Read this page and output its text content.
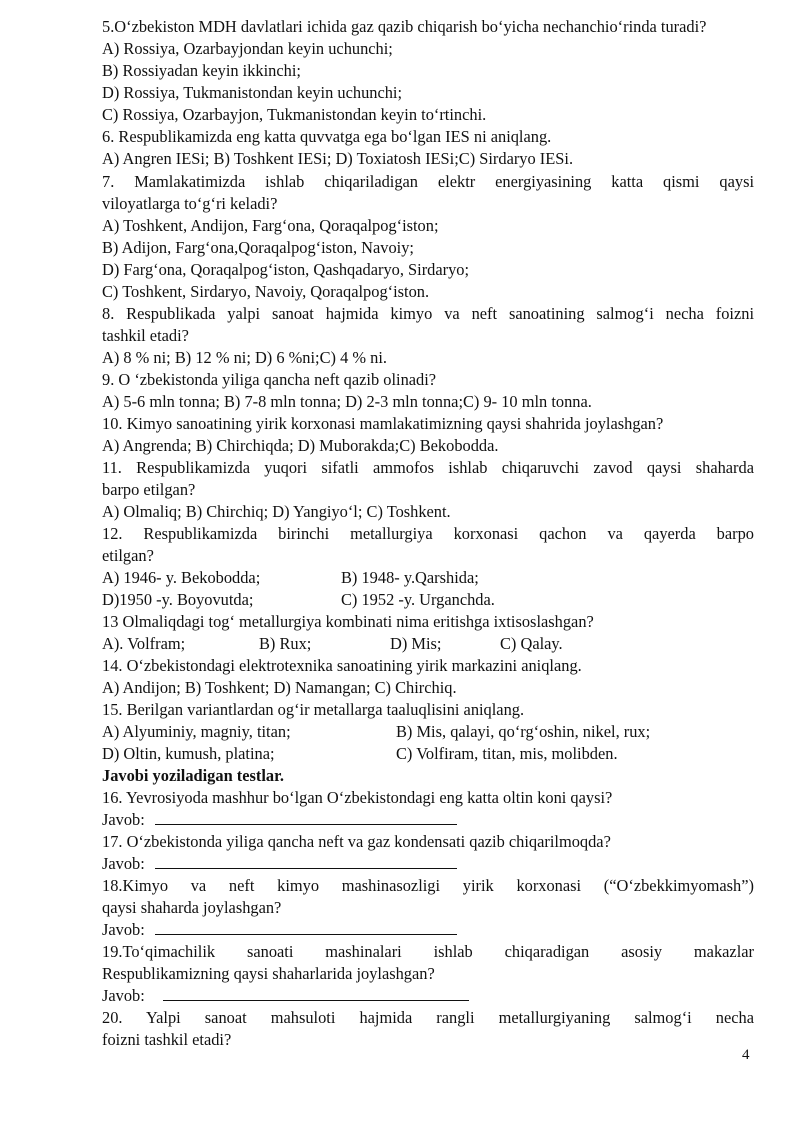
5.O‘zbekiston MDH davlatlari ichida gaz qazib chiqarish bo‘yicha nechanchio‘rinda turadi?
A) Rossiya, Ozarbayjondan keyin uchunchi;
B) Rossiyadan keyin ikkinchi;
D) Rossiya, Tukmanistondan keyin uchunchi;
C) Rossiya, Ozarbayjon, Tukmanistondan keyin to‘rtinchi.
6. Respublikamizda eng katta quvvatga ega bo‘lgan IES ni aniqlang.
A) Angren IESi; B) Toshkent IESi; D) Toxiatosh IESi;C) Sirdaryo IESi.
7. Mamlakatimizda ishlab chiqariladigan elektr energiyasining katta qismi qaysi
viloyatlarga to‘g‘ri keladi?
A) Toshkent, Andijon, Farg‘ona, Qoraqalpog‘iston;
B) Adijon, Farg‘ona,Qoraqalpog‘iston, Navoiy;
D) Farg‘ona, Qoraqalpog‘iston, Qashqadaryo, Sirdaryo;
C) Toshkent, Sirdaryo, Navoiy, Qoraqalpog‘iston.
8. Respublikada yalpi sanoat hajmida kimyo va neft sanoatining salmog‘i necha foizni
tashkil etadi?
A) 8 % ni; B) 12 % ni; D) 6 %ni;C) 4 % ni.
9. O ‘zbekistonda yiliga qancha neft qazib olinadi?
A) 5-6 mln tonna; B) 7-8 mln tonna; D) 2-3 mln tonna;C) 9- 10 mln tonna.
10. Kimyo sanoatining yirik korxonasi mamlakatimizning qaysi shahrida joylashgan?
A) Angrenda; B) Chirchiqda; D) Muborakda;C) Bekobodda.
11. Respublikamizda yuqori sifatli ammofos ishlab chiqaruvchi zavod qaysi shaharda
barpo etilgan?
A) Olmaliq; B) Chirchiq; D) Yangiyo‘l; C) Toshkent.
12. Respublikamizda birinchi metallurgiya korxonasi qachon va qayerda barpo
etilgan?
A) 1946- y. Bekobodda;	B) 1948- y.Qarshida;
D)1950 -y. Boyovutda;	C) 1952 -y. Urganchda.
13 Olmaliqdagi tog‘ metallurgiya kombinati nima eritishga ixtisoslashgan?
A). Volfram;	B) Rux;	D) Mis;	C) Qalay.
14. O‘zbekistondagi elektrotexnika sanoatining yirik markazini aniqlang.
A) Andijon; B) Toshkent; D) Namangan; C) Chirchiq.
15. Berilgan variantlardan og‘ir metallarga taaluqlisini aniqlang.
A) Alyuminiy, magniy, titan;	B) Mis, qalayi, qo‘rg‘oshin, nikel, rux;
D) Oltin, kumush, platina;	C) Volfiram, titan, mis, molibden.
Javobi yoziladigan testlar.
16. Yevrosiyoda mashhur bo‘lgan O‘zbekistondagi eng katta oltin koni qaysi?
Javob:
17. O‘zbekistonda yiliga qancha neft va gaz kondensati qazib chiqarilmoqda?
Javob:
18.Kimyo va neft kimyo mashinasozligi yirik korxonasi (“O‘zbekkimyomash”)
qaysi shaharda joylashgan?
Javob:
19.To‘qimachilik sanoati mashinalari ishlab chiqaradigan asosiy makazlar
Respublikamizning qaysi shaharlarida joylashgan?
Javob:
20. Yalpi sanoat mahsuloti hajmida rangli metallurgiyaning salmog‘i necha
foizni tashkil etadi?
4
